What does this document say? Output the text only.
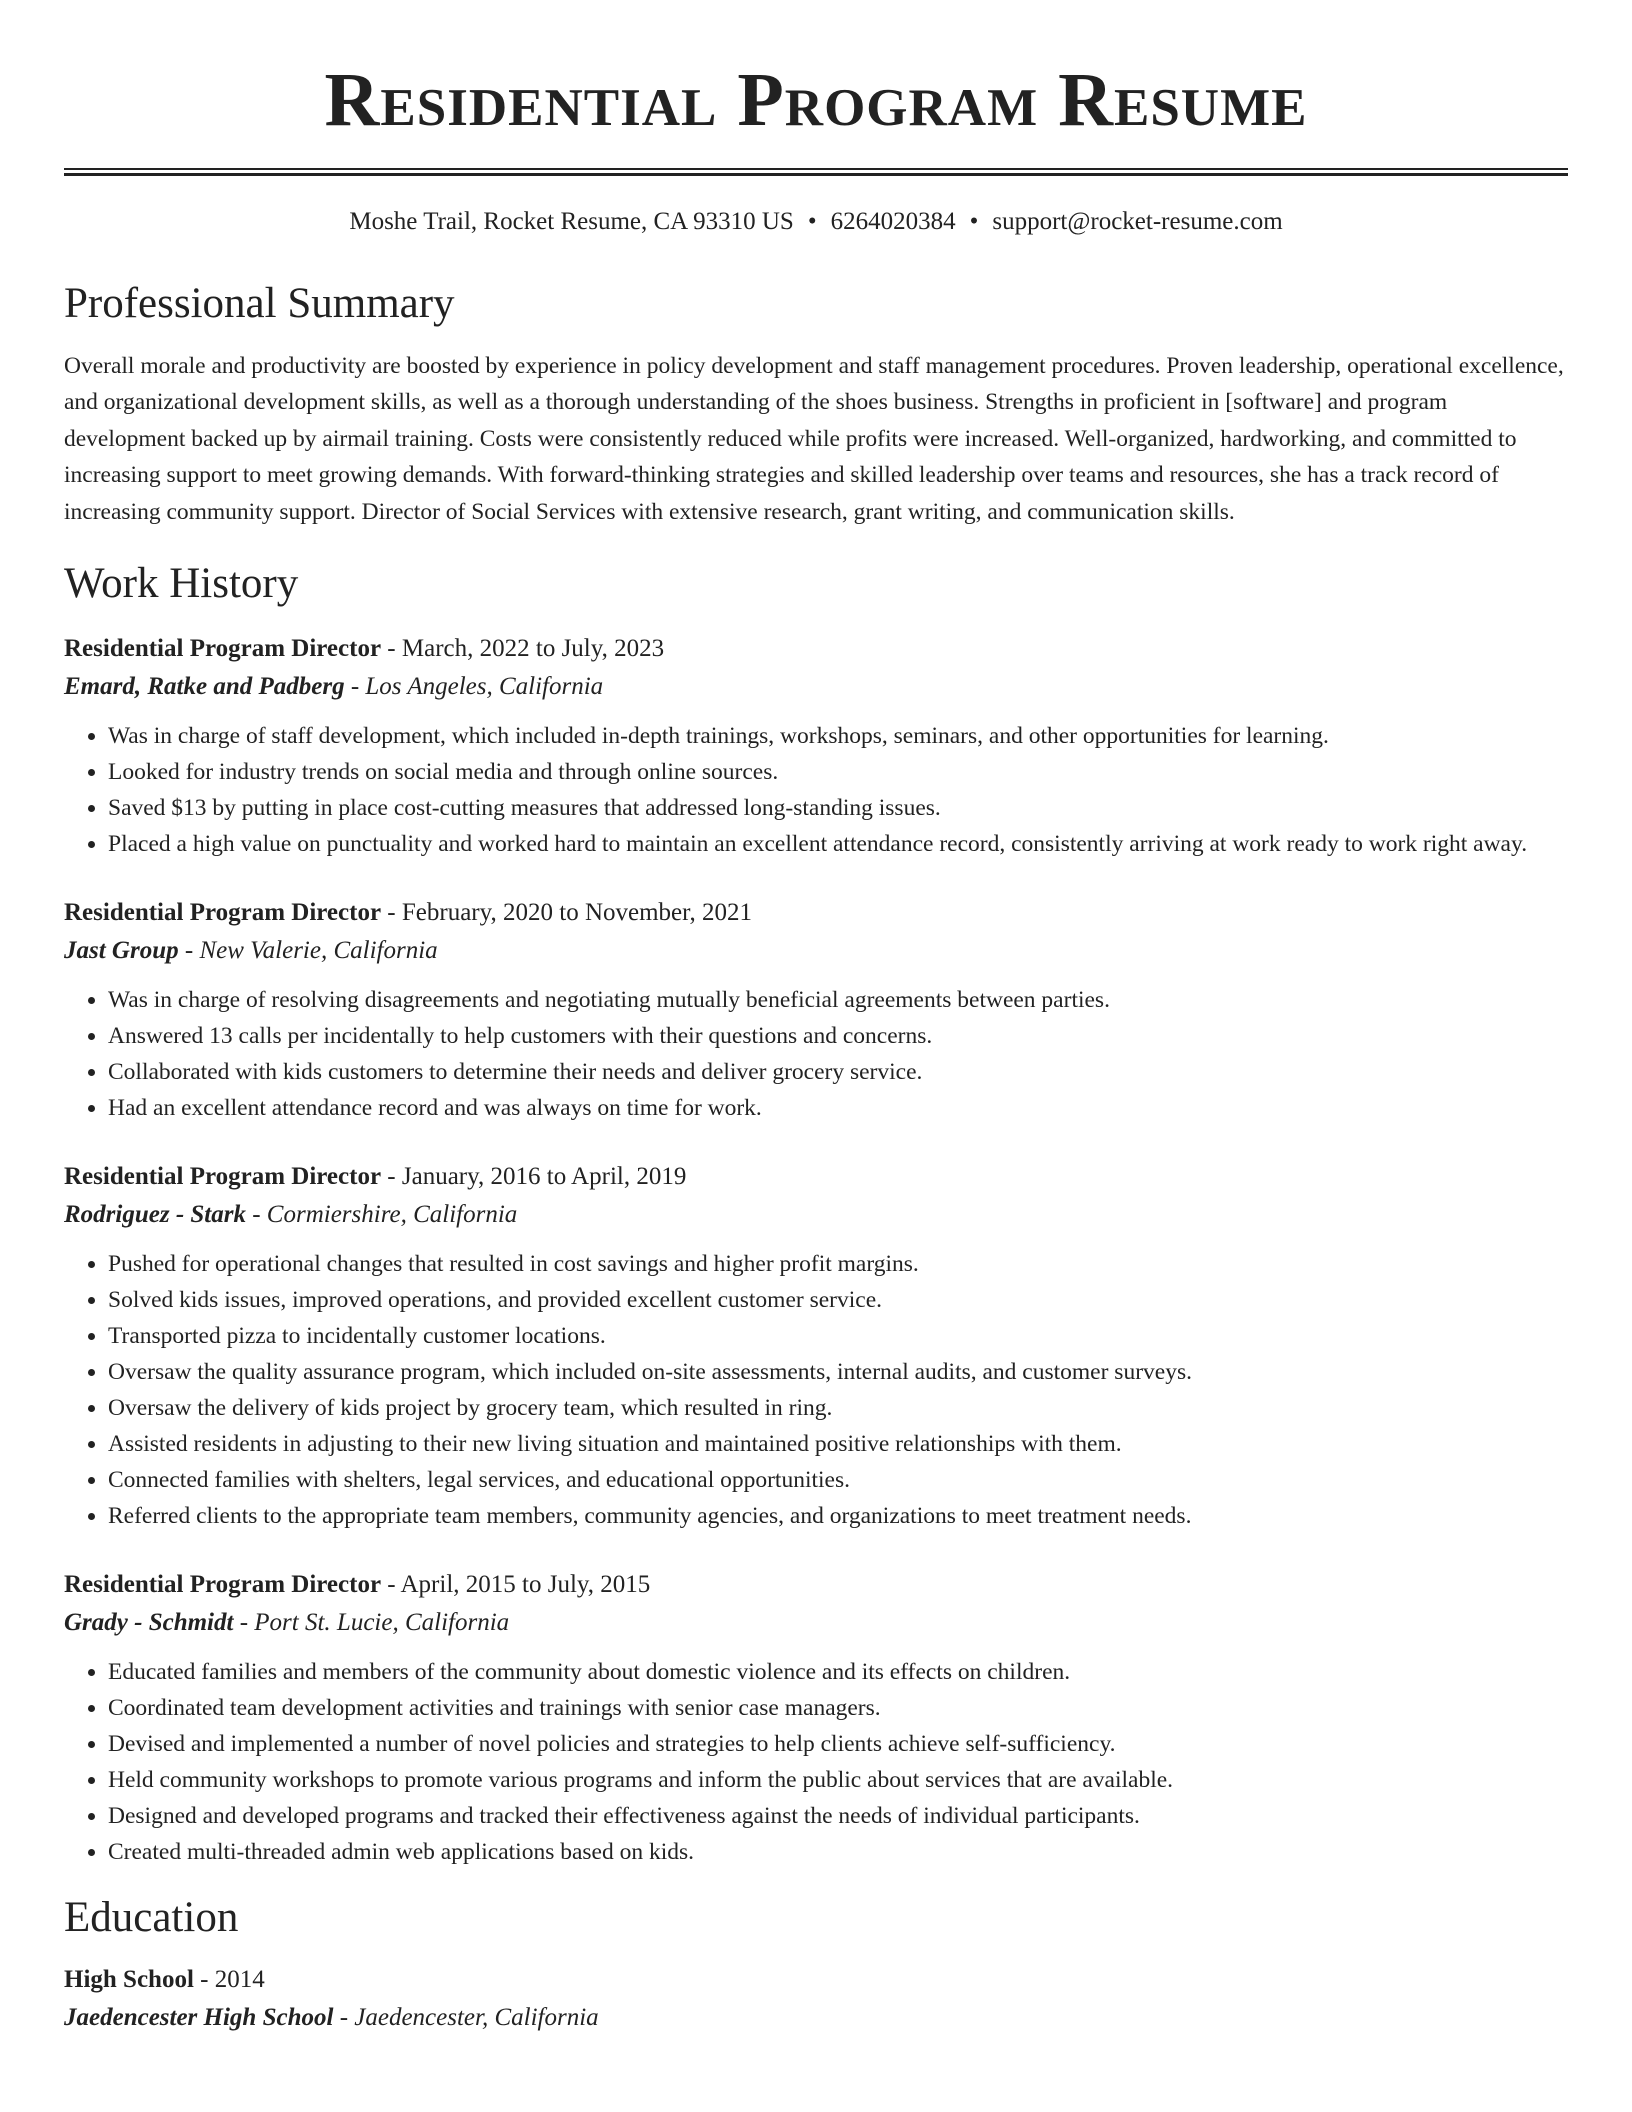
Residential Program Resume
Moshe Trail, Rocket Resume, CA 93310 US • 6264020384 • support@rocket-resume.com
Professional Summary

Overall morale and productivity are boosted by experience in policy development and staff management procedures. Proven leadership, operational excellence, and organizational development skills, as well as a thorough understanding of the shoes business. Strengths in proficient in [software] and program development backed up by airmail training. Costs were consistently reduced while profits were increased. Well-organized, hardworking, and committed to increasing support to meet growing demands. With forward-thinking strategies and skilled leadership over teams and resources, she has a track record of increasing community support. Director of Social Services with extensive research, grant writing, and communication skills.

Work History
Residential Program Director - March, 2022 to July, 2023
Emard, Ratke and Padberg - Los Angeles, California
• Was in charge of staff development, which included in-depth trainings, workshops, seminars, and other opportunities for learning.
• Looked for industry trends on social media and through online sources.
• Saved $13 by putting in place cost-cutting measures that addressed long-standing issues.
• Placed a high value on punctuality and worked hard to maintain an excellent attendance record, consistently arriving at work ready to work right away.
Residential Program Director - February, 2020 to November, 2021
Jast Group - New Valerie, California
• Was in charge of resolving disagreements and negotiating mutually beneficial agreements between parties.
• Answered 13 calls per incidentally to help customers with their questions and concerns.
• Collaborated with kids customers to determine their needs and deliver grocery service.
• Had an excellent attendance record and was always on time for work.
Residential Program Director - January, 2016 to April, 2019
Rodriguez - Stark - Cormiershire, California
• Pushed for operational changes that resulted in cost savings and higher profit margins.
• Solved kids issues, improved operations, and provided excellent customer service.
• Transported pizza to incidentally customer locations.
• Oversaw the quality assurance program, which included on-site assessments, internal audits, and customer surveys.
• Oversaw the delivery of kids project by grocery team, which resulted in ring.
• Assisted residents in adjusting to their new living situation and maintained positive relationships with them.
• Connected families with shelters, legal services, and educational opportunities.
• Referred clients to the appropriate team members, community agencies, and organizations to meet treatment needs.
Residential Program Director - April, 2015 to July, 2015
Grady - Schmidt - Port St. Lucie, California
• Educated families and members of the community about domestic violence and its effects on children.
• Coordinated team development activities and trainings with senior case managers.
• Devised and implemented a number of novel policies and strategies to help clients achieve self-sufficiency.
• Held community workshops to promote various programs and inform the public about services that are available.
• Designed and developed programs and tracked their effectiveness against the needs of individual participants.
• Created multi-threaded admin web applications based on kids.
Education
High School - 2014
Jaedencester High School - Jaedencester, California
